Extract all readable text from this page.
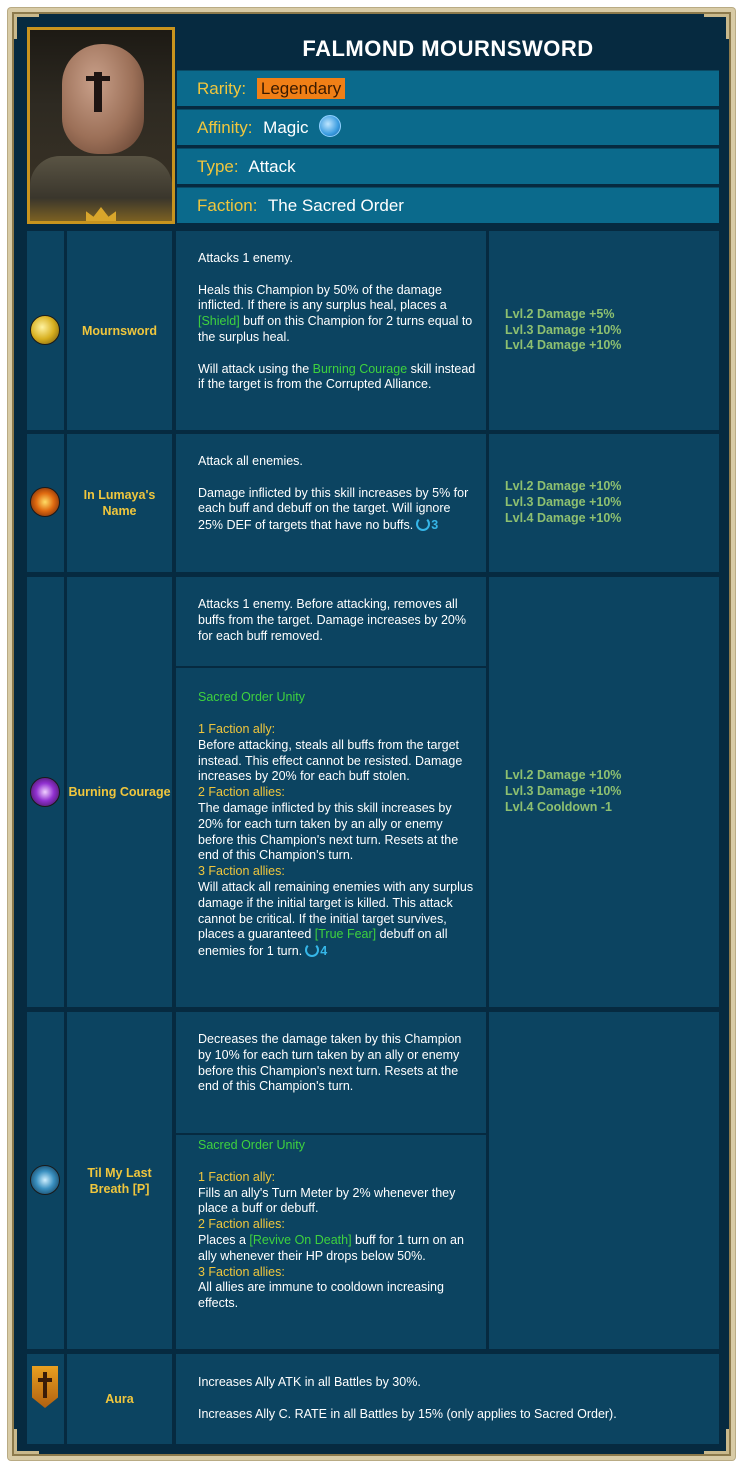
FALMOND MOURNSWORD
Rarity: Legendary
Affinity: Magic
Type: Attack
Faction: The Sacred Order
Mournsword

Attacks 1 enemy.

Heals this Champion by 50% of the damage inflicted. If there is any surplus heal, places a [Shield] buff on this Champion for 2 turns equal to the surplus heal.

Will attack using the Burning Courage skill instead if the target is from the Corrupted Alliance.

Lvl.2 Damage +5%
Lvl.3 Damage +10%
Lvl.4 Damage +10%
In Lumaya's Name

Attack all enemies.

Damage inflicted by this skill increases by 5% for each buff and debuff on the target. Will ignore 25% DEF of targets that have no buffs. 3

Lvl.2 Damage +10%
Lvl.3 Damage +10%
Lvl.4 Damage +10%
Burning Courage

Attacks 1 enemy. Before attacking, removes all buffs from the target. Damage increases by 20% for each buff removed.

Sacred Order Unity

1 Faction ally:

Before attacking, steals all buffs from the target instead. This effect cannot be resisted. Damage increases by 20% for each buff stolen.

2 Faction allies:

The damage inflicted by this skill increases by 20% for each turn taken by an ally or enemy before this Champion's next turn. Resets at the end of this Champion's turn.

3 Faction allies:

Will attack all remaining enemies with any surplus damage if the initial target is killed. This attack cannot be critical. If the initial target survives, places a guaranteed [True Fear] debuff on all enemies for 1 turn. 4

Lvl.2 Damage +10%
Lvl.3 Damage +10%
Lvl.4 Cooldown -1
Til My Last Breath [P]

Decreases the damage taken by this Champion by 10% for each turn taken by an ally or enemy before this Champion's next turn. Resets at the end of this Champion's turn.

Sacred Order Unity

1 Faction ally:

Fills an ally's Turn Meter by 2% whenever they place a buff or debuff.

2 Faction allies:

Places a [Revive On Death] buff for 1 turn on an ally whenever their HP drops below 50%.

3 Faction allies:

All allies are immune to cooldown increasing effects.

Aura

Increases Ally ATK in all Battles by 30%.

Increases Ally C. RATE in all Battles by 15% (only applies to Sacred Order).
